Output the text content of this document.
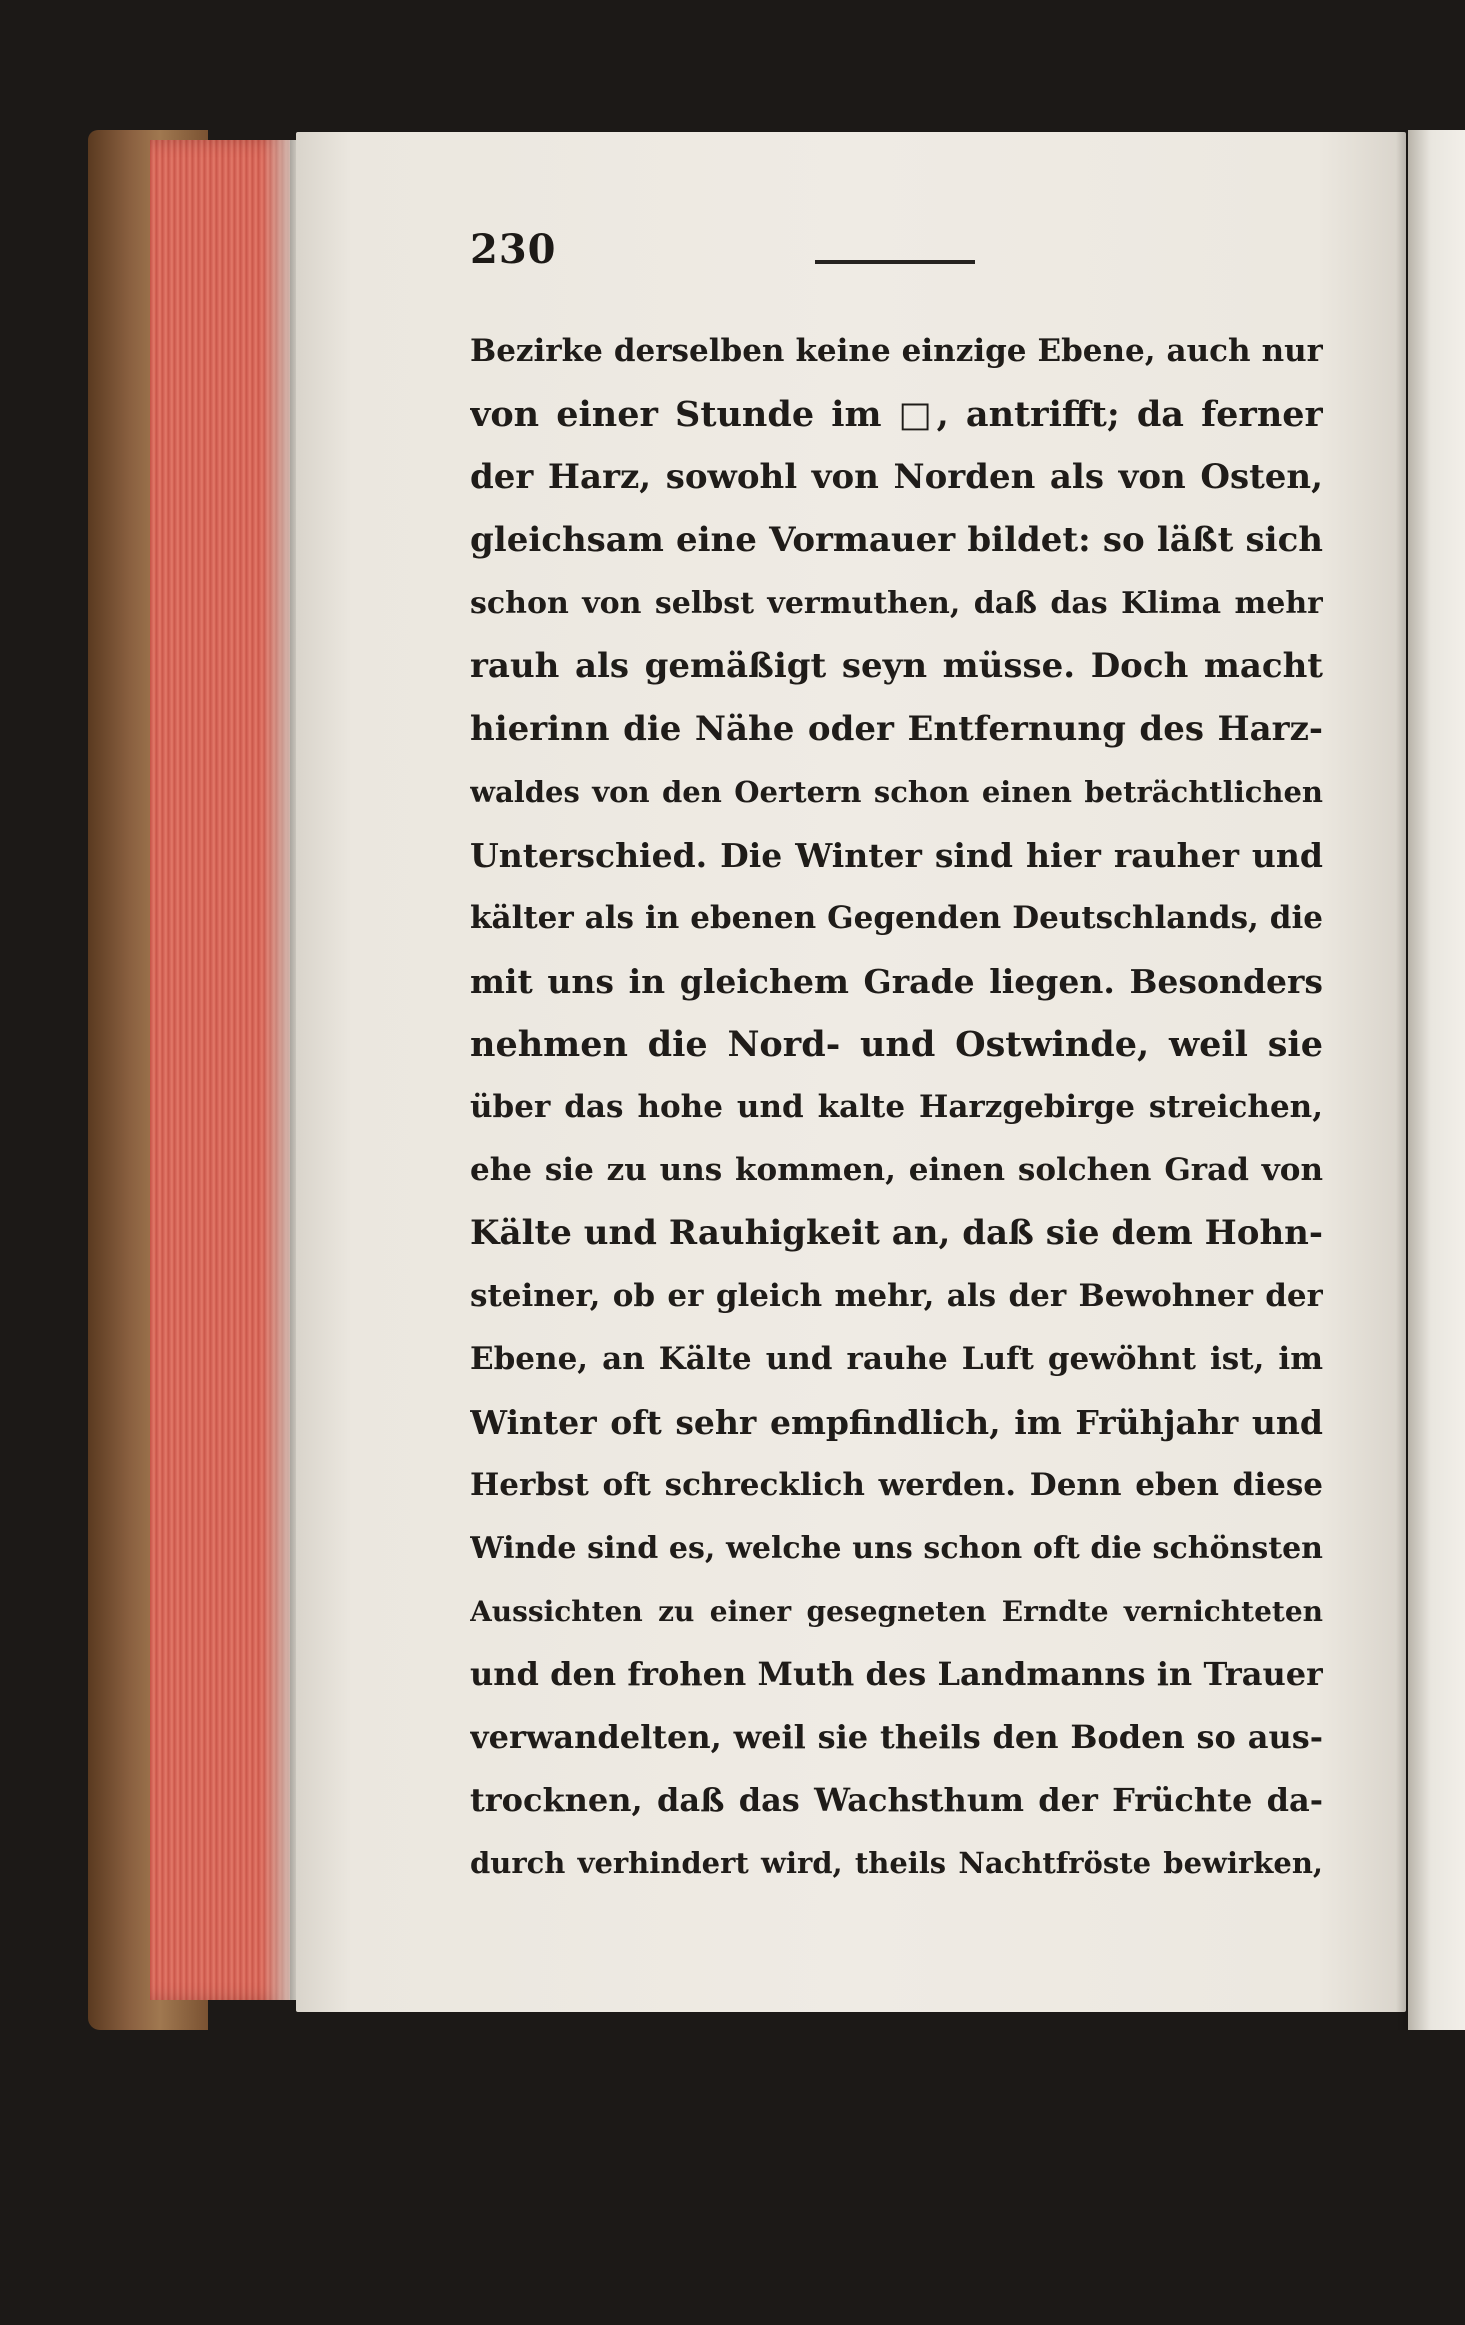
230
Bezirke derselben keine einzige Ebene, auch nur
von einer Stunde im □, antrifft; da ferner
der Harz, sowohl von Norden als von Osten,
gleichsam eine Vormauer bildet: so läßt sich
schon von selbst vermuthen, daß das Klima mehr
rauh als gemäßigt seyn müsse. Doch macht
hierinn die Nähe oder Entfernung des Harz-
waldes von den Oertern schon einen beträchtlichen
Unterschied. Die Winter sind hier rauher und
kälter als in ebenen Gegenden Deutschlands, die
mit uns in gleichem Grade liegen. Besonders
nehmen die Nord- und Ostwinde, weil sie
über das hohe und kalte Harzgebirge streichen,
ehe sie zu uns kommen, einen solchen Grad von
Kälte und Rauhigkeit an, daß sie dem Hohn-
steiner, ob er gleich mehr, als der Bewohner der
Ebene, an Kälte und rauhe Luft gewöhnt ist, im
Winter oft sehr empfindlich, im Frühjahr und
Herbst oft schrecklich werden. Denn eben diese
Winde sind es, welche uns schon oft die schönsten
Aussichten zu einer gesegneten Erndte vernichteten
und den frohen Muth des Landmanns in Trauer
verwandelten, weil sie theils den Boden so aus-
trocknen, daß das Wachsthum der Früchte da-
durch verhindert wird, theils Nachtfröste bewirken,
